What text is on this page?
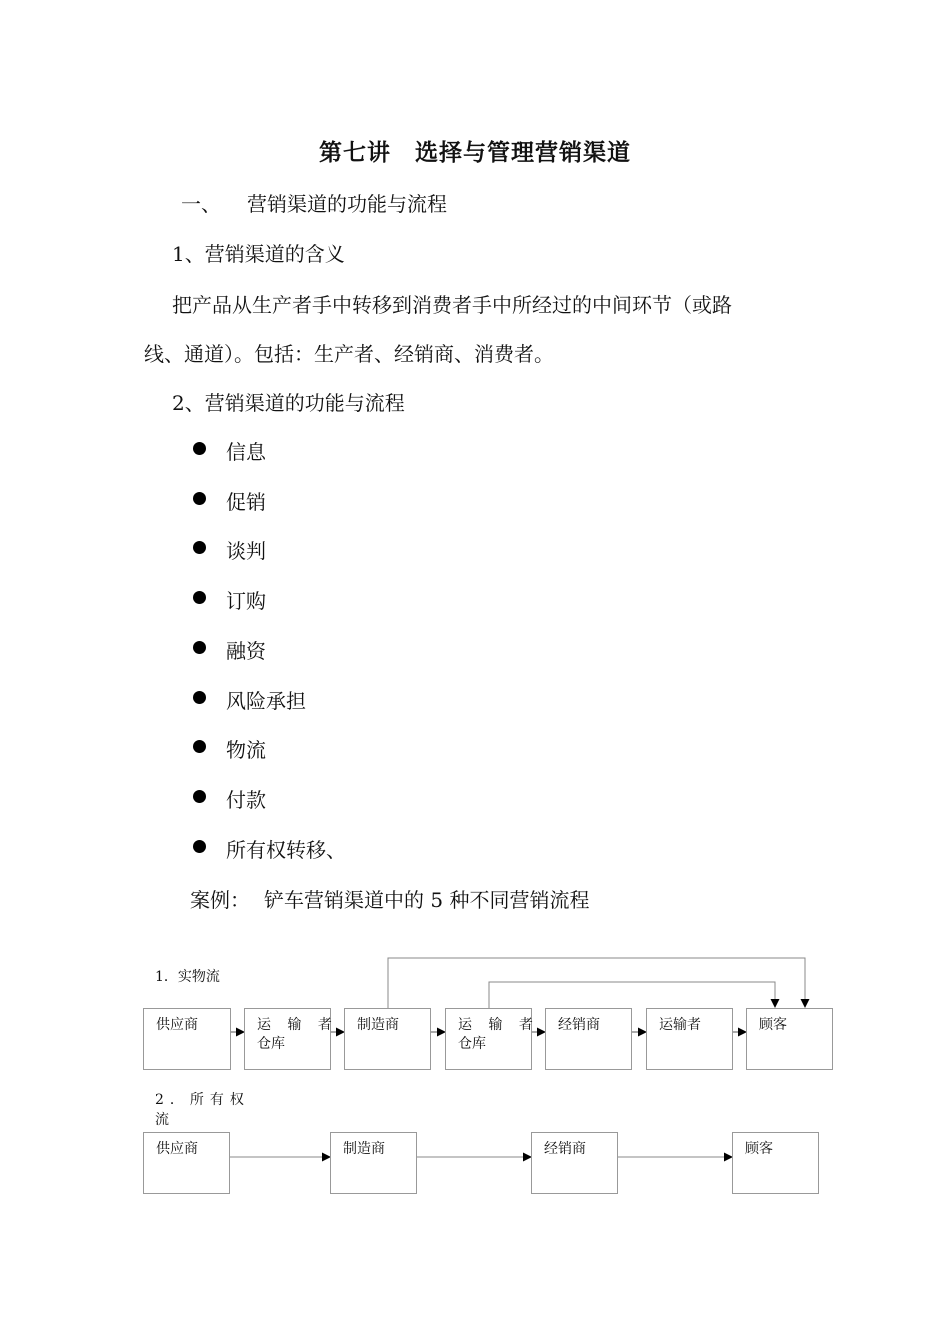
第七讲　选择与管理营销渠道
一、 营销渠道的功能与流程
1、营销渠道的含义
把产品从生产者手中转移到消费者手中所经过的中间环节（或路
线、通道）。包括：生产者、经销商、消费者。
2、营销渠道的功能与流程
信息
促销
谈判
订购
融资
风险承担
物流
付款
所有权转移、
案例： 铲车营销渠道中的 5 种不同营销流程
1．实物流
供应商	运 输 者
仓库
制造商	运 输 者
仓库
经销商	运输者	顾客
2．所有权流
供应商	制造商	经销商	顾客
